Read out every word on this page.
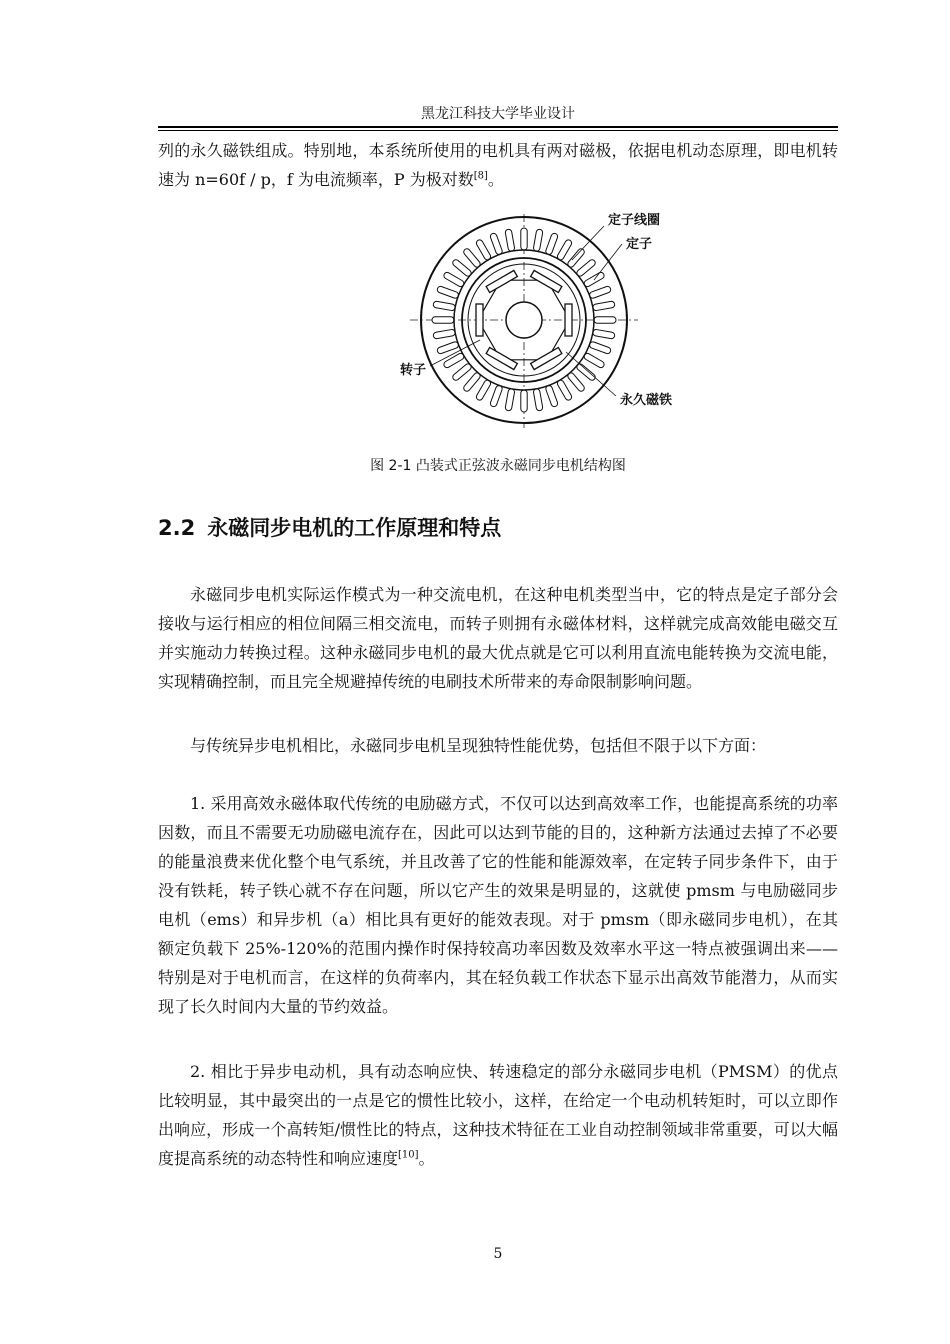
黑龙江科技大学毕业设计

列的永久磁铁组成。特别地，本系统所使用的电机具有两对磁极，依据电机动态原理，即电机转速为 n=60f / p，f 为电流频率，P 为极对数[8]。

定子线圈
定子
转子
永久磁铁
图 2-1 凸装式正弦波永磁同步电机结构图
2.2 永磁同步电机的工作原理和特点

永磁同步电机实际运作模式为一种交流电机，在这种电机类型当中，它的特点是定子部分会接收与运行相应的相位间隔三相交流电，而转子则拥有永磁体材料，这样就完成高效能电磁交互并实施动力转换过程。这种永磁同步电机的最大优点就是它可以利用直流电能转换为交流电能，实现精确控制，而且完全规避掉传统的电刷技术所带来的寿命限制影响问题。

与传统异步电机相比，永磁同步电机呈现独特性能优势，包括但不限于以下方面：

1. 采用高效永磁体取代传统的电励磁方式，不仅可以达到高效率工作，也能提高系统的功率因数，而且不需要无功励磁电流存在，因此可以达到节能的目的，这种新方法通过去掉了不必要的能量浪费来优化整个电气系统，并且改善了它的性能和能源效率，在定转子同步条件下，由于没有铁耗，转子铁心就不存在问题，所以它产生的效果是明显的，这就使 pmsm 与电励磁同步电机（ems）和异步机（a）相比具有更好的能效表现。对于 pmsm（即永磁同步电机），在其额定负载下 25%-120%的范围内操作时保持较高功率因数及效率水平这一特点被强调出来——特别是对于电机而言，在这样的负荷率内，其在轻负载工作状态下显示出高效节能潜力，从而实现了长久时间内大量的节约效益。

2. 相比于异步电动机，具有动态响应快、转速稳定的部分永磁同步电机（PMSM）的优点比较明显，其中最突出的一点是它的惯性比较小，这样，在给定一个电动机转矩时，可以立即作出响应，形成一个高转矩/惯性比的特点，这种技术特征在工业自动控制领域非常重要，可以大幅度提高系统的动态特性和响应速度[10]。

5
